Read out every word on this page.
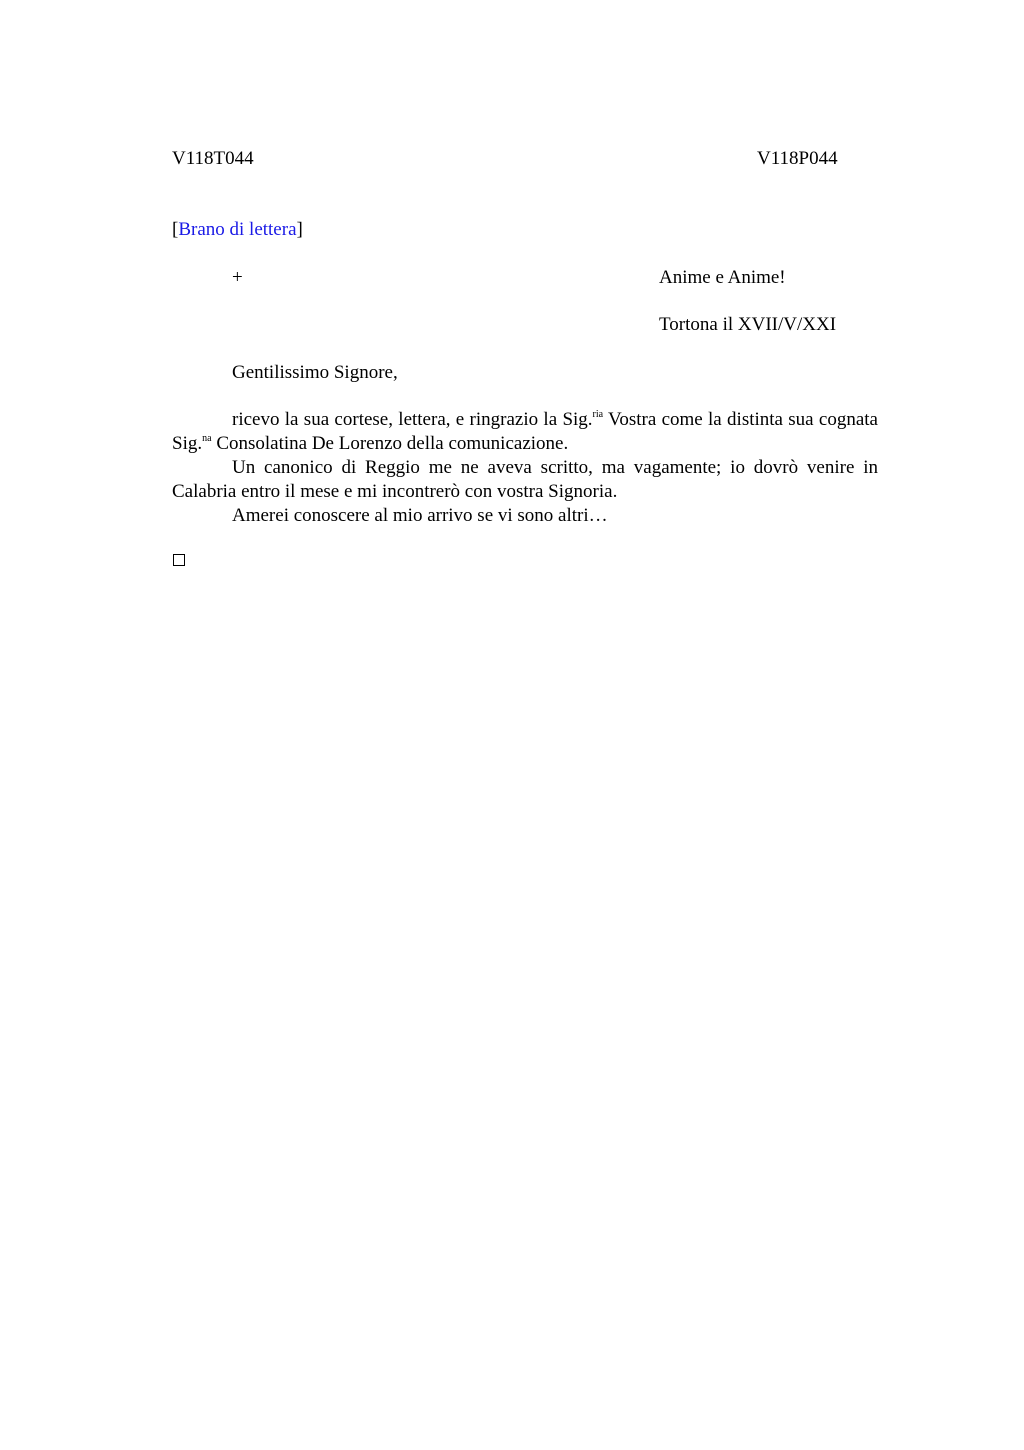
V118T044	V118P044
[Brano di lettera]
+	Anime e Anime!
Tortona il XVII/V/XXI
Gentilissimo Signore,

ricevo la sua cortese, lettera, e ringrazio la Sig.$^{ria}$ Vostra come la distinta sua cognata Sig.$^{na}$ Consolatina De Lorenzo della comunicazione.

Un canonico di Reggio me ne aveva scritto, ma vagamente; io dovrò venire in Calabria entro il mese e mi incontrerò con vostra Signoria.

Amerei conoscere al mio arrivo se vi sono altri…
